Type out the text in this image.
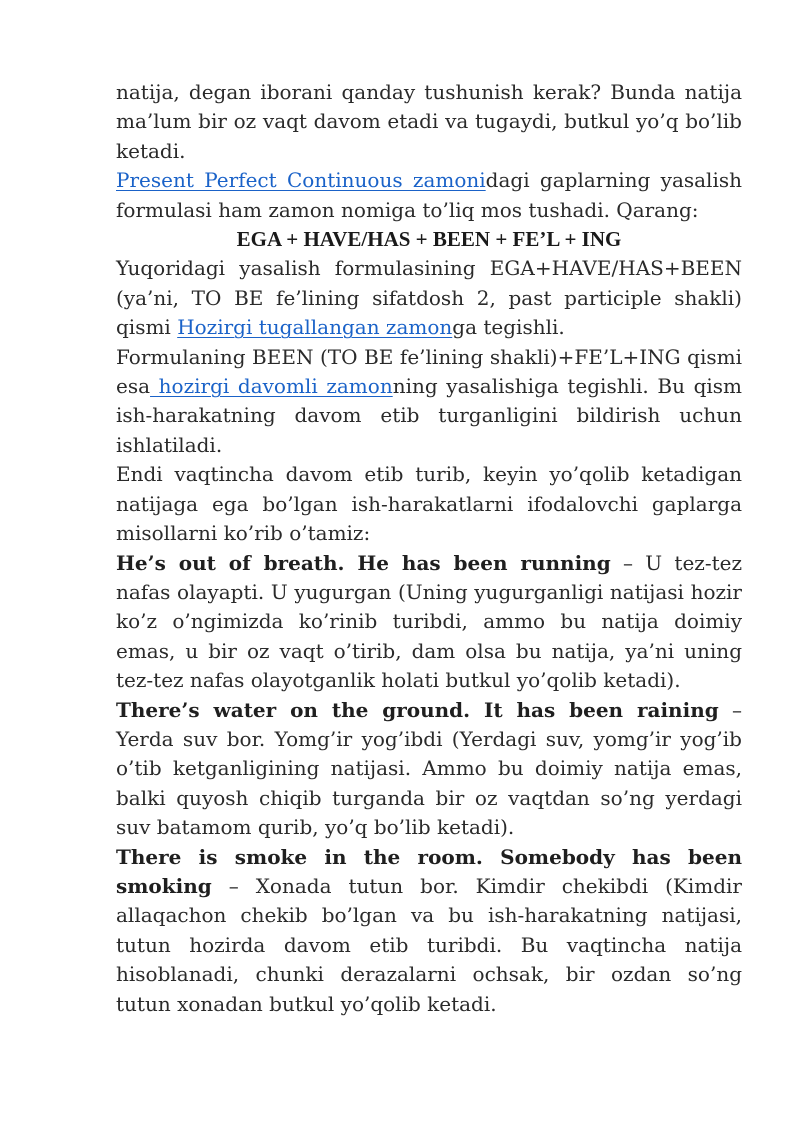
natija, degan iborani qanday tushunish kerak? Bunda natija ma’lum bir oz vaqt davom etadi va tugaydi, butkul yo’q bo’lib ketadi.

Present Perfect Continuous zamonidagi gaplarning yasalish formulasi ham zamon nomiga to’liq mos tushadi. Qarang:

EGA + HAVE/HAS + BEEN + FE’L + ING

Yuqoridagi yasalish formulasining EGA+HAVE/HAS+BEEN (ya’ni, TO BE fe’lining sifatdosh 2, past participle shakli) qismi Hozirgi tugallangan zamonga tegishli.

Formulaning BEEN (TO BE fe’lining shakli)+FE’L+ING qismi esa hozirgi davomli zamonning yasalishiga tegishli. Bu qism ish-harakatning davom etib turganligini bildirish uchun ishlatiladi.

Endi vaqtincha davom etib turib, keyin yo’qolib ketadigan natijaga ega bo’lgan ish-harakatlarni ifodalovchi gaplarga misollarni ko’rib o’tamiz:

He’s out of breath. He has been running – U tez-tez nafas olayapti. U yugurgan (Uning yugurganligi natijasi hozir ko’z o’ngimizda ko’rinib turibdi, ammo bu natija doimiy emas, u bir oz vaqt o’tirib, dam olsa bu natija, ya’ni uning tez-tez nafas olayotganlik holati butkul yo’qolib ketadi).

There’s water on the ground. It has been raining – Yerda suv bor. Yomg’ir yog’ibdi (Yerdagi suv, yomg’ir yog’ib o’tib ketganligining natijasi. Ammo bu doimiy natija emas, balki quyosh chiqib turganda bir oz vaqtdan so’ng yerdagi suv batamom qurib, yo’q bo’lib ketadi).

There is smoke in the room. Somebody has been smoking – Xonada tutun bor. Kimdir chekibdi (Kimdir allaqachon chekib bo’lgan va bu ish-harakatning natijasi, tutun hozirda davom etib turibdi. Bu vaqtincha natija hisoblanadi, chunki derazalarni ochsak, bir ozdan so’ng tutun xonadan butkul yo’qolib ketadi.
